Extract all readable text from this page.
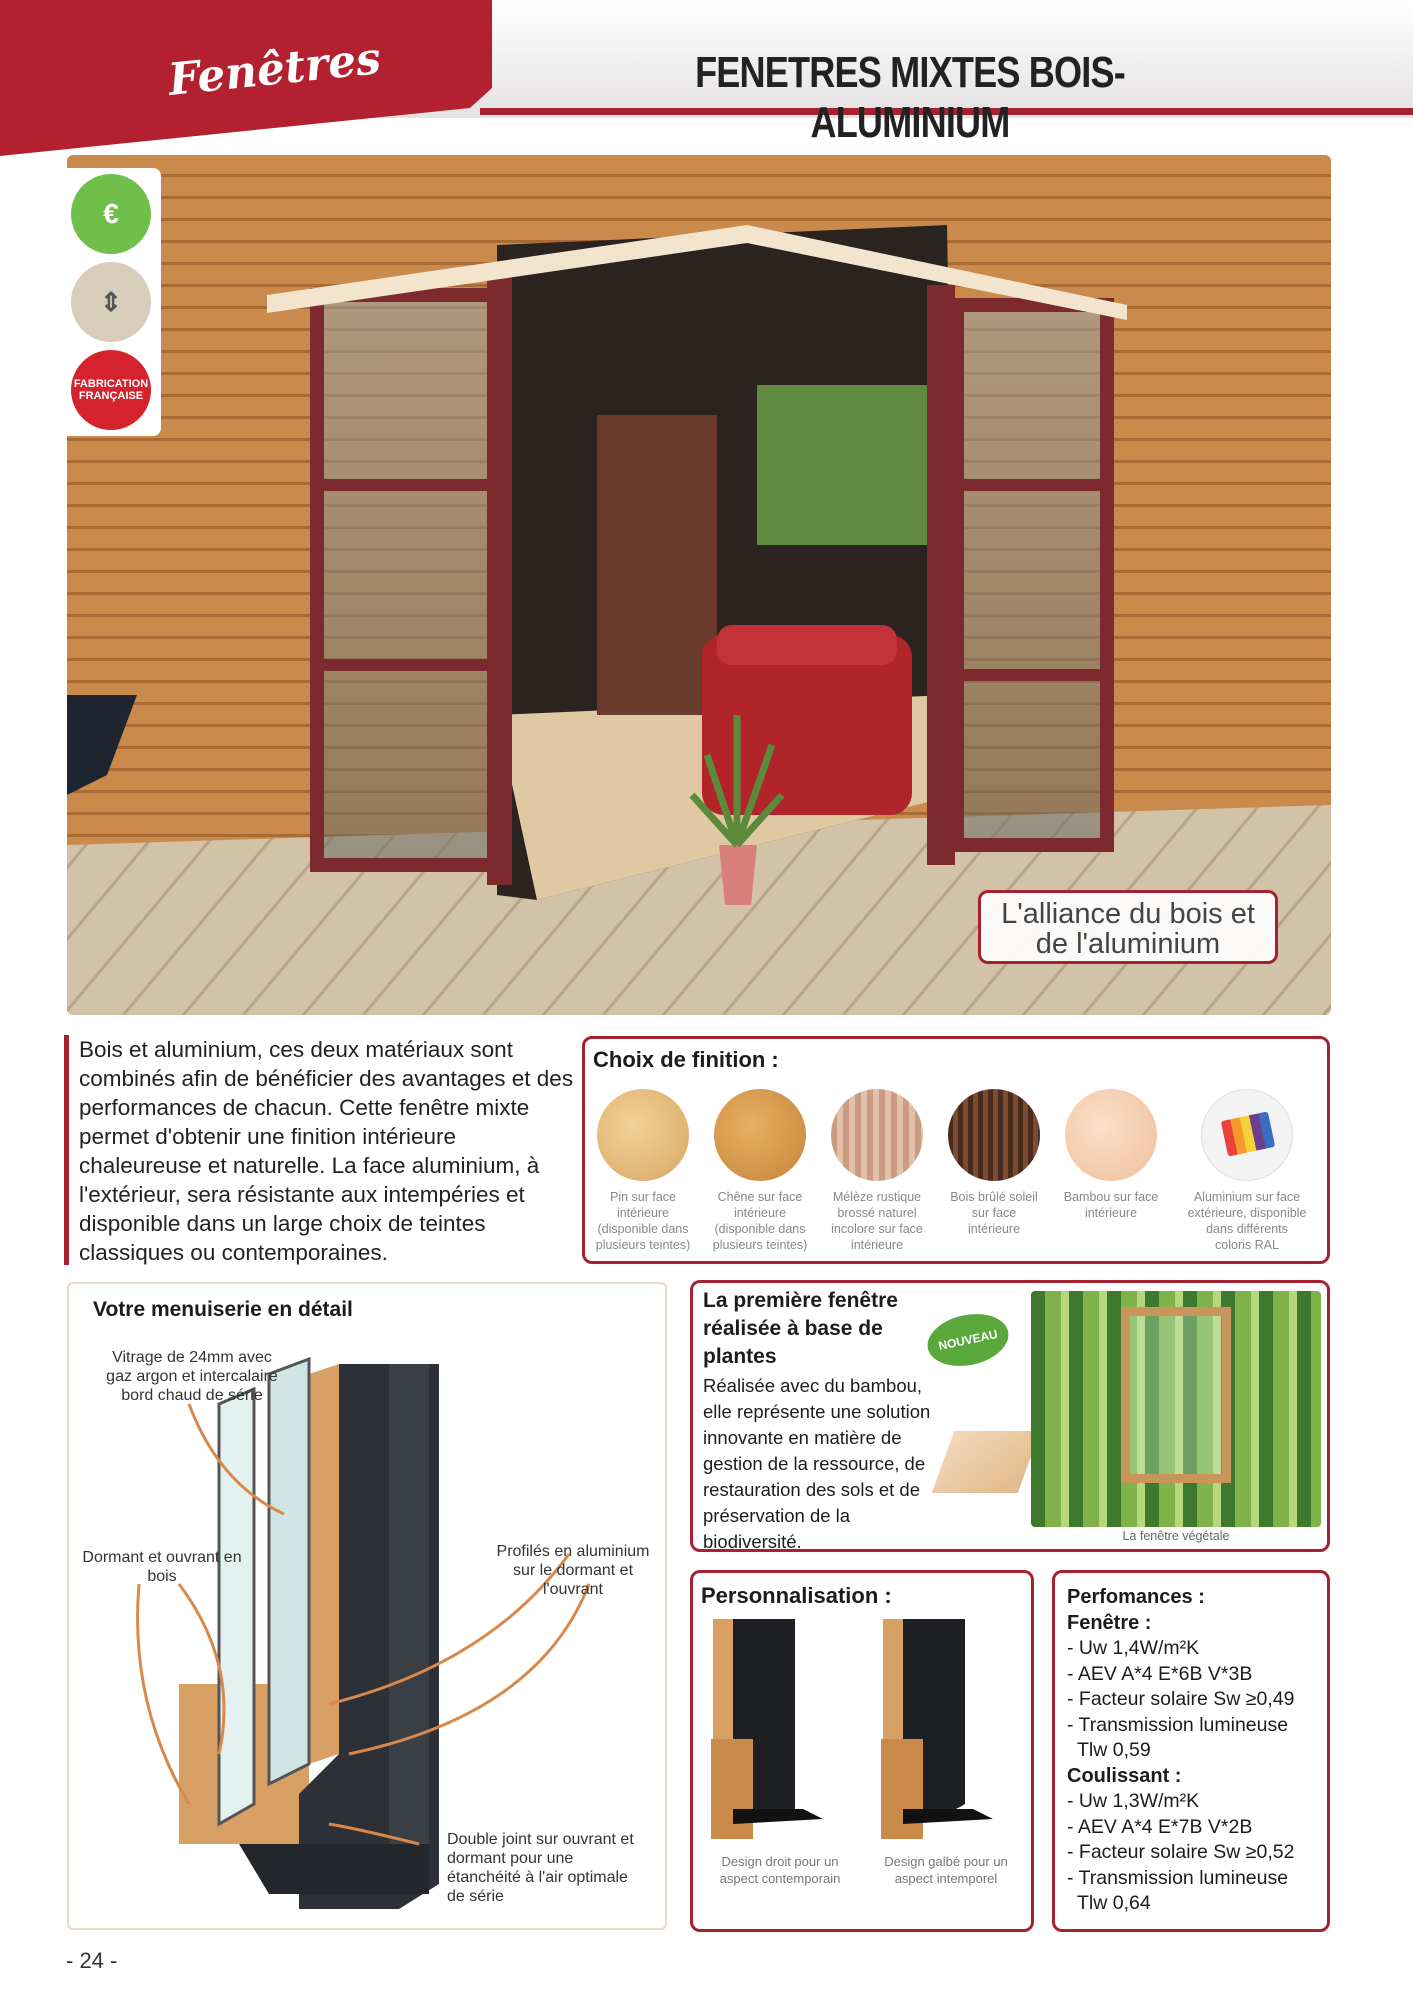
Fenêtres	FENETRES MIXTES BOIS-ALUMINIUM
€
⇕
FABRICATION
FRANÇAISE
L'alliance du bois et
de l'aluminium
Bois et aluminium, ces deux matériaux sont combinés afin de bénéficier des avantages et des performances de chacun. Cette fenêtre mixte permet d'obtenir une finition intérieure chaleureuse et naturelle. La face aluminium, à l'extérieur, sera résistante aux intempéries et disponible dans un large choix de teintes classiques ou contemporaines.
Choix de finition :
Pin sur face intérieure (disponible dans plusieurs teintes)
Chêne sur face intérieure (disponible dans plusieurs teintes)
Mélèze rustique brossé naturel incolore sur face intérieure
Bois brûlé soleil sur face intérieure
Bambou sur face intérieure
Aluminium sur face extérieure, disponible dans différents coloris RAL
Votre menuiserie en détail
Vitrage de 24mm avec gaz argon et intercalaire bord chaud de série
Dormant et ouvrant en bois
Profilés en aluminium sur le dormant et l'ouvrant
Double joint sur ouvrant et dormant pour une étanchéité à l'air optimale de série
La première fenêtre réalisée à base de plantes
Réalisée avec du bambou, elle représente une solution innovante en matière de gestion de la ressource, de restauration des sols et de préservation de la biodiversité.
NOUVEAU
La fenêtre végétale
Personnalisation :
Design droit pour un aspect contemporain
Design galbé pour un aspect intemporel
Perfomances :
Fenêtre :
- Uw 1,4W/m²K
- AEV A*4 E*6B V*3B
- Facteur solaire Sw ≥0,49
- Transmission lumineuse
Tlw 0,59
Coulissant :
- Uw 1,3W/m²K
- AEV A*4 E*7B V*2B
- Facteur solaire Sw ≥0,52
- Transmission lumineuse
Tlw 0,64
- 24 -
